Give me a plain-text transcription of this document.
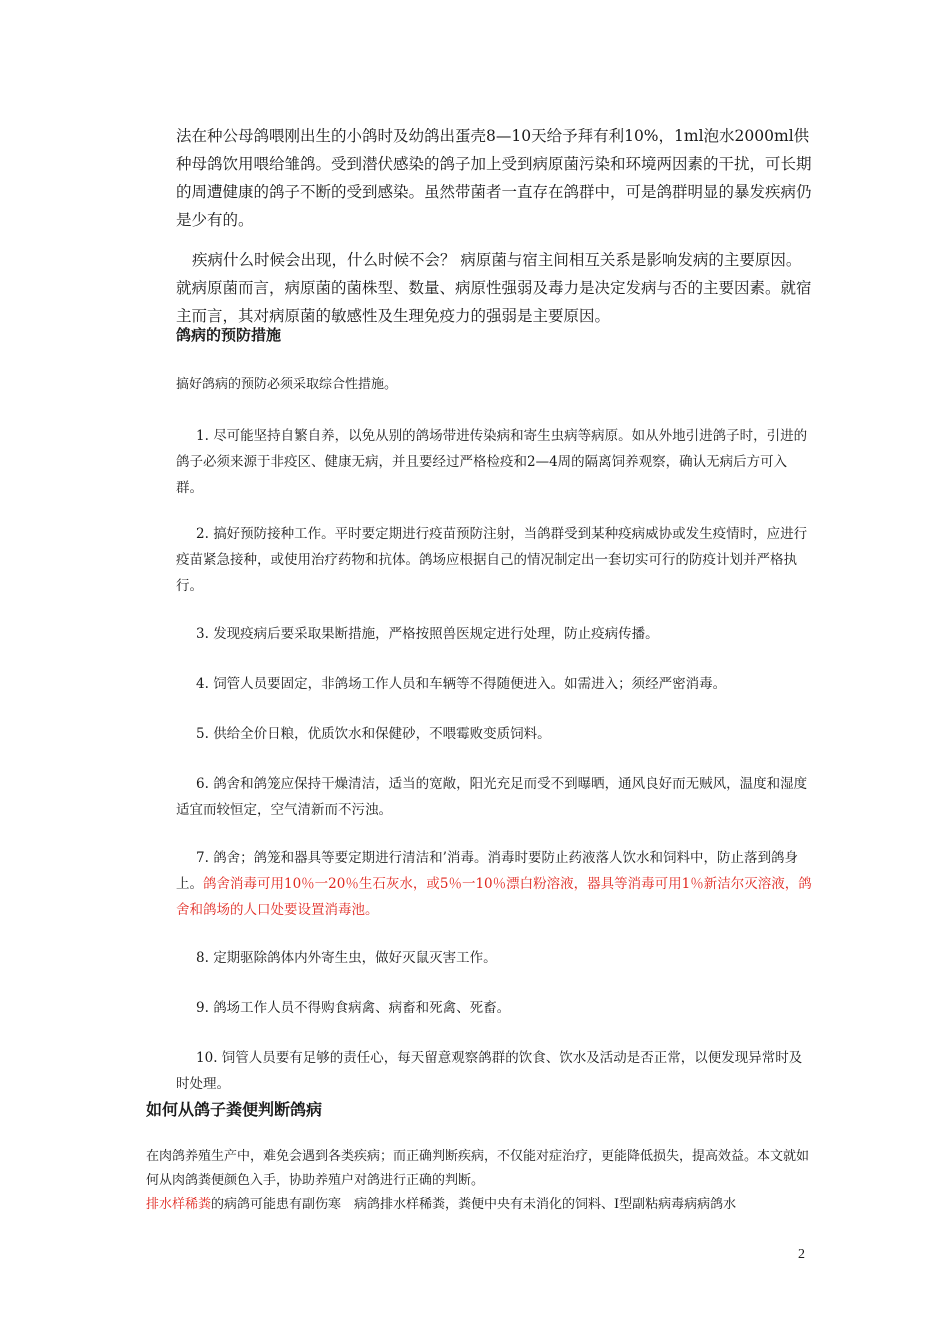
法在种公母鸽喂刚出生的小鸽时及幼鸽出蛋壳8—10天给予拜有利10%，1ml泡水2000ml供种母鸽饮用喂给雏鸽。受到潜伏感染的鸽子加上受到病原菌污染和环境两因素的干扰，可长期的周遭健康的鸽子不断的受到感染。虽然带菌者一直存在鸽群中，可是鸽群明显的暴发疾病仍是少有的。

疾病什么时候会出现，什么时候不会？ 病原菌与宿主间相互关系是影响发病的主要原因。就病原菌而言，病原菌的菌株型、数量、病原性强弱及毒力是决定发病与否的主要因素。就宿主而言，其对病原菌的敏感性及生理免疫力的强弱是主要原因。

鸽病的预防措施

搞好鸽病的预防必须采取综合性措施。

1. 尽可能坚持自繁自养，以免从别的鸽场带进传染病和寄生虫病等病原。如从外地引进鸽子时，引进的鸽子必须来源于非疫区、健康无病，并且要经过严格检疫和2—4周的隔离饲养观察，确认无病后方可入群。

2. 搞好预防接种工作。平时要定期进行疫苗预防注射，当鸽群受到某种疫病威协或发生疫情时，应进行疫苗紧急接种，或使用治疗药物和抗体。鸽场应根据自己的情况制定出一套切实可行的防疫计划并严格执行。

3. 发现疫病后要采取果断措施，严格按照兽医规定进行处理，防止疫病传播。

4. 饲管人员要固定，非鸽场工作人员和车辆等不得随便进入。如需进入；须经严密消毒。

5. 供给全价日粮，优质饮水和保健砂，不喂霉败变质饲料。

6. 鸽舍和鸽笼应保持干燥清洁，适当的宽敞，阳光充足而受不到曝晒，通风良好而无贼风，温度和湿度适宜而较恒定，空气清新而不污浊。

7. 鸽舍；鸽笼和器具等要定期进行清洁和’消毒。消毒时要防止药液落人饮水和饲料中，防止落到鸽身上。鸽舍消毒可用10％一20％生石灰水，或5％一10％漂白粉溶液，器具等消毒可用1％新洁尔灭溶液，鸽舍和鸽场的人口处要设置消毒池。

8. 定期驱除鸽体内外寄生虫，做好灭鼠灭害工作。

9. 鸽场工作人员不得购食病禽、病畜和死禽、死畜。

10. 饲管人员要有足够的责任心，每天留意观察鸽群的饮食、饮水及活动是否正常，以便发现异常时及时处理。

如何从鸽子粪便判断鸽病

在肉鸽养殖生产中，难免会遇到各类疾病；而正确判断疾病，不仅能对症治疗，更能降低损失，提高效益。本文就如何从肉鸽粪便颜色入手，协助养殖户对鸽进行正确的判断。

排水样稀粪的病鸽可能患有副伤寒　病鸽排水样稀粪，粪便中央有未消化的饲料、Ⅰ型副粘病毒病病鸽水

2
